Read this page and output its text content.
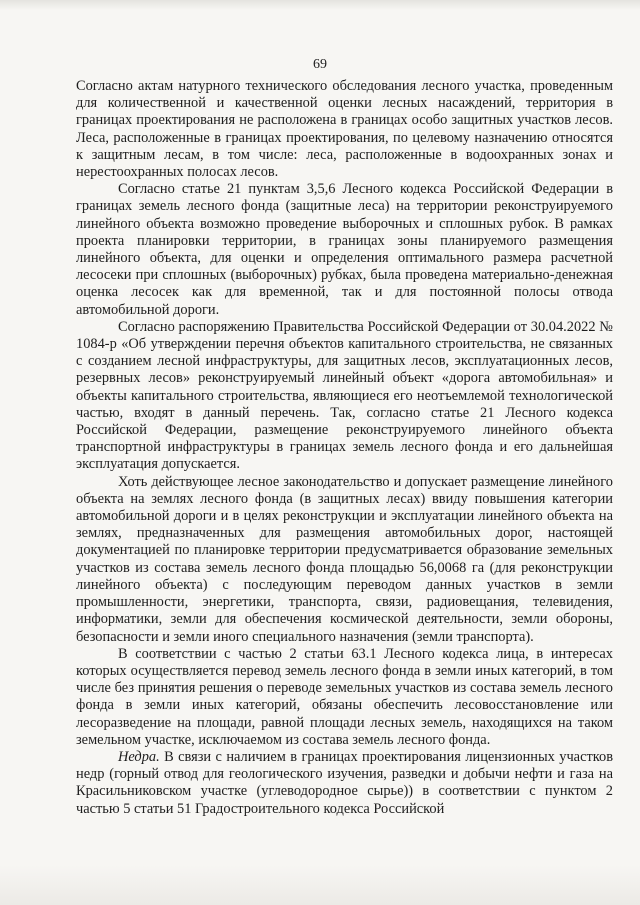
69

Согласно актам натурного технического обследования лесного участка, проведенным для количественной и качественной оценки лесных насаждений, территория в границах проектирования не расположена в границах особо защитных участков лесов. Леса, расположенные в границах проектирования, по целевому назначению относятся к защитным лесам, в том числе: леса, расположенные в водоохранных зонах и нерестоохранных полосах лесов.

Согласно статье 21 пунктам 3,5,6 Лесного кодекса Российской Федерации в границах земель лесного фонда (защитные леса) на территории реконструируемого линейного объекта возможно проведение выборочных и сплошных рубок. В рамках проекта планировки территории, в границах зоны планируемого размещения линейного объекта, для оценки и определения оптимального размера расчетной лесосеки при сплошных (выборочных) рубках, была проведена материально-денежная оценка лесосек как для временной, так и для постоянной полосы отвода автомобильной дороги.

Согласно распоряжению Правительства Российской Федерации от 30.04.2022 № 1084-р «Об утверждении перечня объектов капитального строительства, не связанных с созданием лесной инфраструктуры, для защитных лесов, эксплуатационных лесов, резервных лесов» реконструируемый линейный объект «дорога автомобильная» и объекты капитального строительства, являющиеся его неотъемлемой технологической частью, входят в данный перечень. Так, согласно статье 21 Лесного кодекса Российской Федерации, размещение реконструируемого линейного объекта транспортной инфраструктуры в границах земель лесного фонда и его дальнейшая эксплуатация допускается.

Хоть действующее лесное законодательство и допускает размещение линейного объекта на землях лесного фонда (в защитных лесах) ввиду повышения категории автомобильной дороги и в целях реконструкции и эксплуатации линейного объекта на землях, предназначенных для размещения автомобильных дорог, настоящей документацией по планировке территории предусматривается образование земельных участков из состава земель лесного фонда площадью 56,0068 га (для реконструкции линейного объекта) с последующим переводом данных участков в земли промышленности, энергетики, транспорта, связи, радиовещания, телевидения, информатики, земли для обеспечения космической деятельности, земли обороны, безопасности и земли иного специального назначения (земли транспорта).

В соответствии с частью 2 статьи 63.1 Лесного кодекса лица, в интересах которых осуществляется перевод земель лесного фонда в земли иных категорий, в том числе без принятия решения о переводе земельных участков из состава земель лесного фонда в земли иных категорий, обязаны обеспечить лесовосстановление или лесоразведение на площади, равной площади лесных земель, находящихся на таком земельном участке, исключаемом из состава земель лесного фонда.

Недра. В связи с наличием в границах проектирования лицензионных участков недр (горный отвод для геологического изучения, разведки и добычи нефти и газа на Красильниковском участке (углеводородное сырье)) в соответствии с пунктом 2 частью 5 статьи 51 Градостроительного кодекса Российской
